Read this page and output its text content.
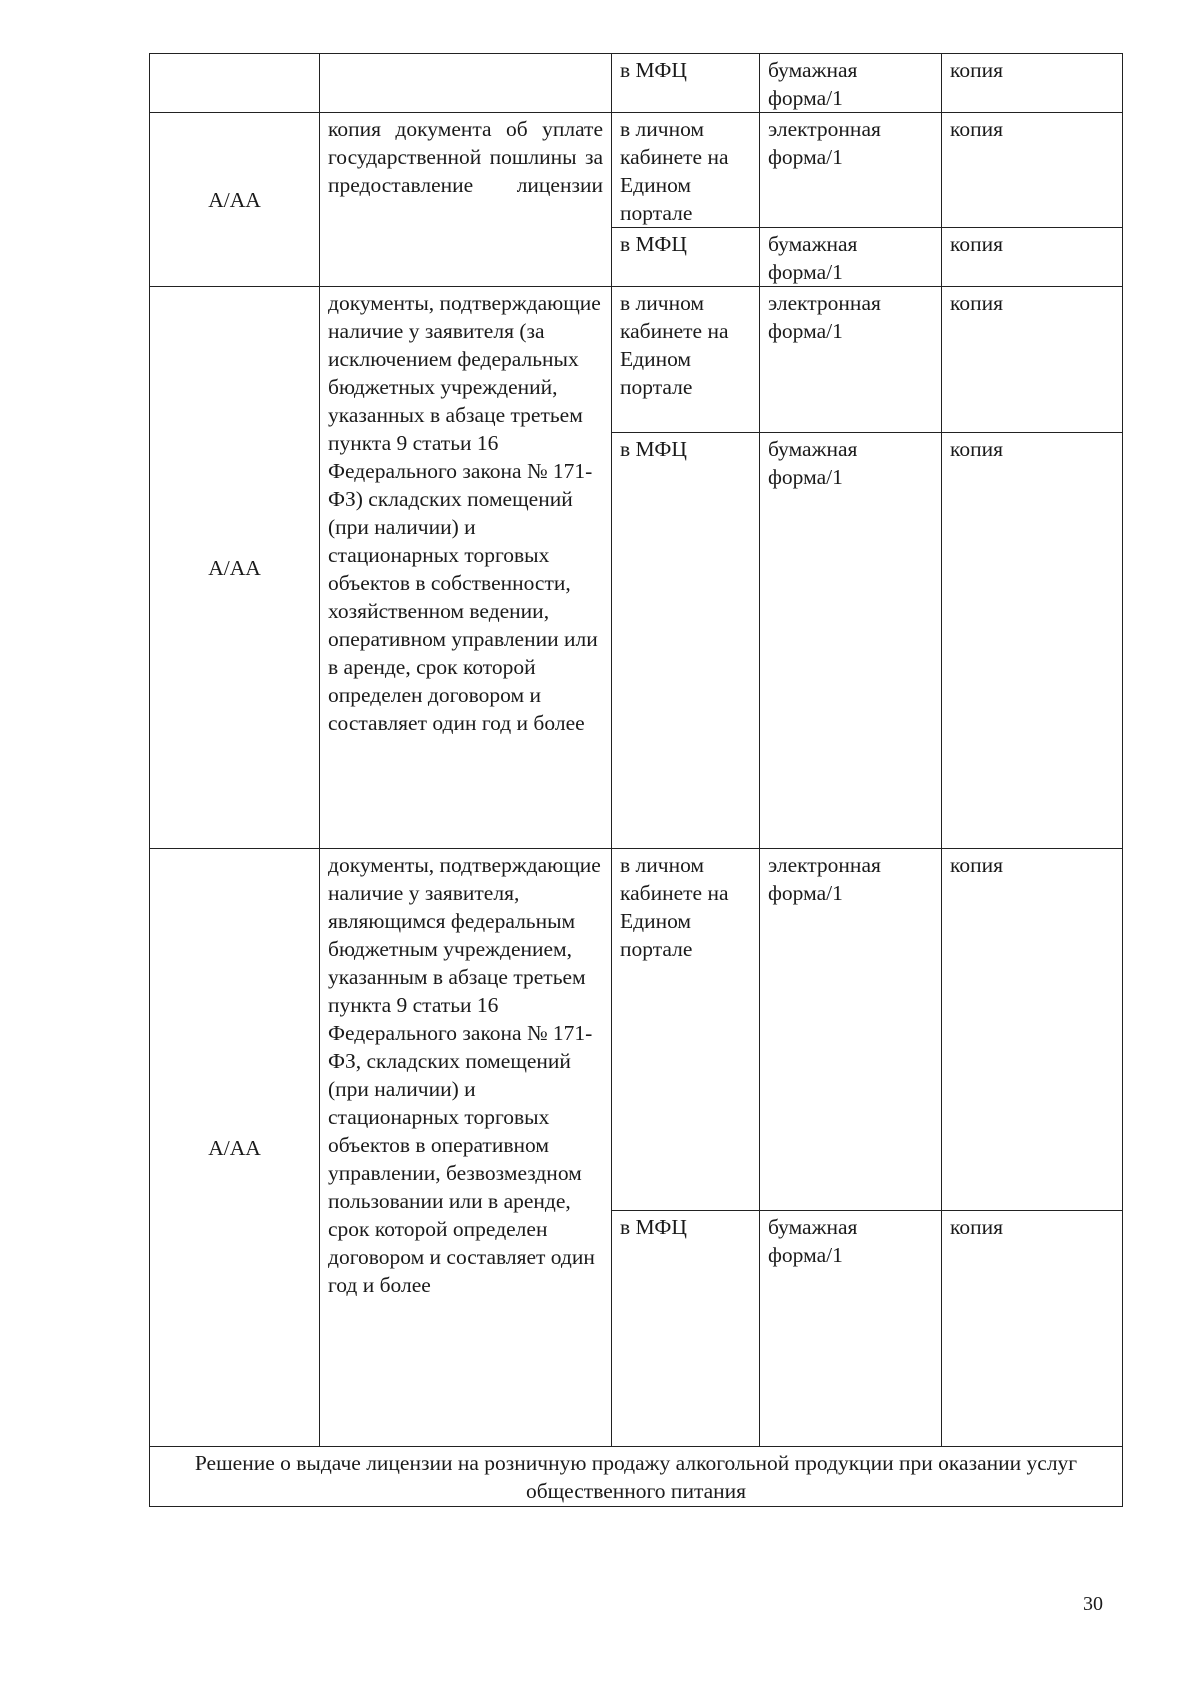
		в МФЦ	бумажная форма/1	копия
А/АА	копия документа об уплате государственной пошлины за предоставление лицензии	в личном кабинете на Едином портале	электронная форма/1	копия
		в МФЦ	бумажная форма/1	копия
А/АА	документы, подтверждающие наличие у заявителя (за исключением федеральных бюджетных учреждений, указанных в абзаце третьем пункта 9 статьи 16 Федерального закона № 171-ФЗ) складских помещений (при наличии) и стационарных торговых объектов в собственности, хозяйственном ведении, оперативном управлении или в аренде, срок которой определен договором и составляет один год и более	в личном кабинете на Едином портале	электронная форма/1	копия
		в МФЦ	бумажная форма/1	копия
А/АА	документы, подтверждающие наличие у заявителя, являющимся федеральным бюджетным учреждением, указанным в абзаце третьем пункта 9 статьи 16 Федерального закона № 171-ФЗ, складских помещений (при наличии) и стационарных торговых объектов в оперативном управлении, безвозмездном пользовании или в аренде, срок которой определен договором и составляет один год и более	в личном кабинете на Едином портале	электронная форма/1	копия
		в МФЦ	бумажная форма/1	копия
Решение о выдаче лицензии на розничную продажу алкогольной продукции при оказании услуг общественного питания				
30
